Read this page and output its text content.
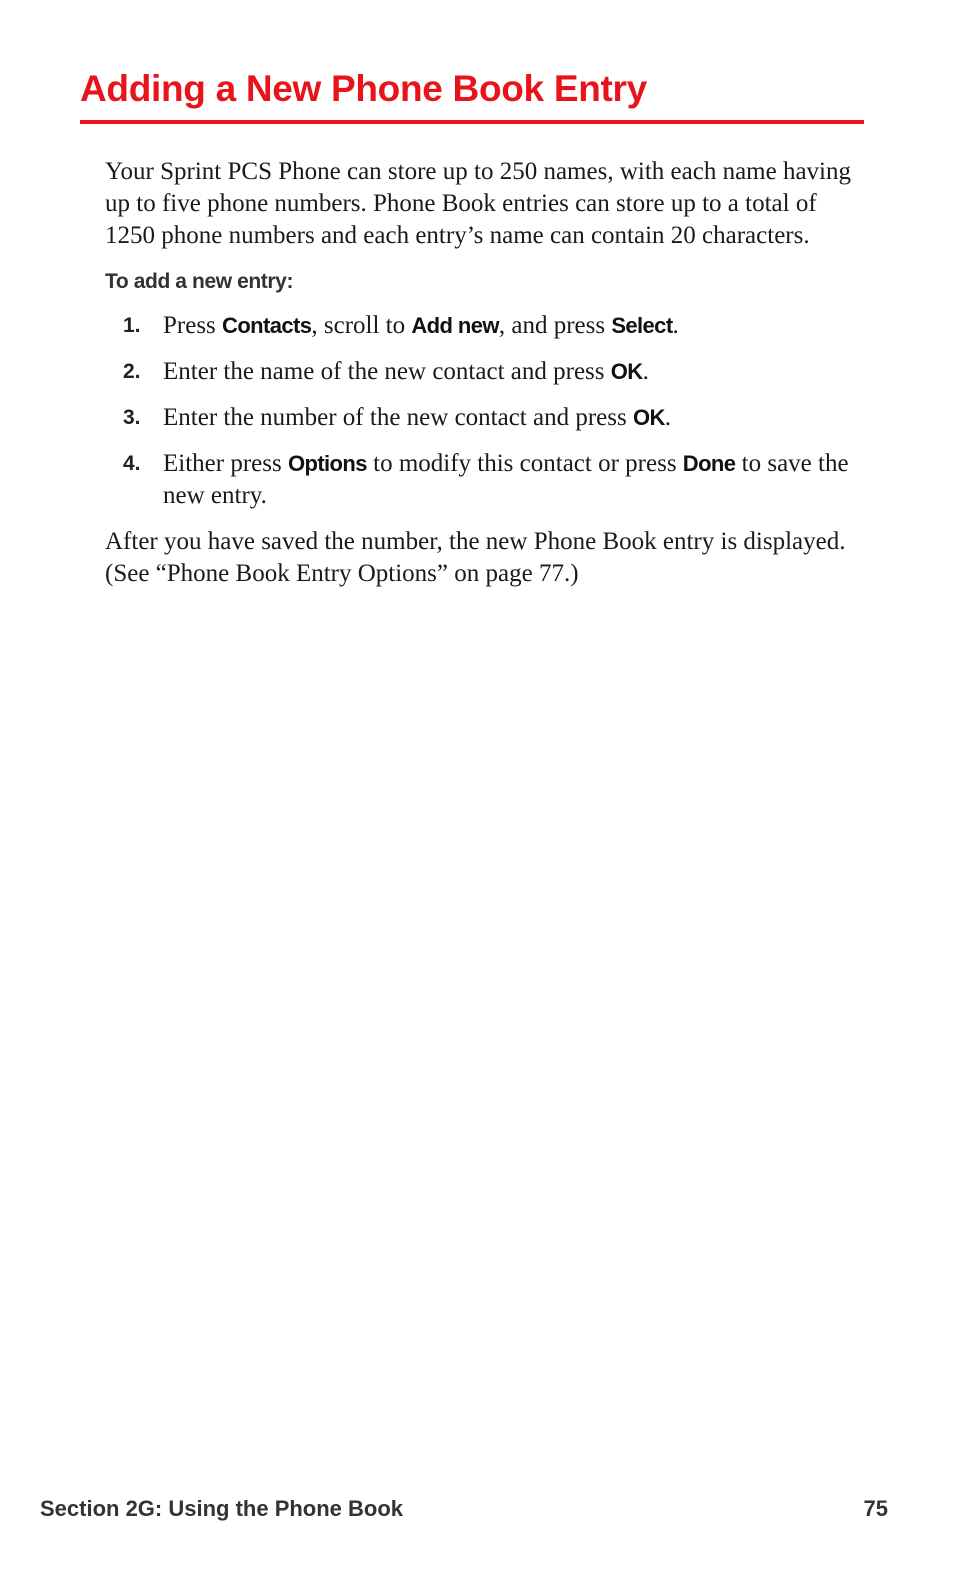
Adding a New Phone Book Entry

Your Sprint PCS Phone can store up to 250 names, with each name having up to five phone numbers. Phone Book entries can store up to a total of 1250 phone numbers and each entry’s name can contain 20 characters.

To add a new entry:

1. Press Contacts, scroll to Add new, and press Select.
2. Enter the name of the new contact and press OK.
3. Enter the number of the new contact and press OK.
4. Either press Options to modify this contact or press Done to save the new entry.

After you have saved the number, the new Phone Book entry is displayed. (See “Phone Book Entry Options” on page 77.)

Section 2G: Using the Phone Book	75
